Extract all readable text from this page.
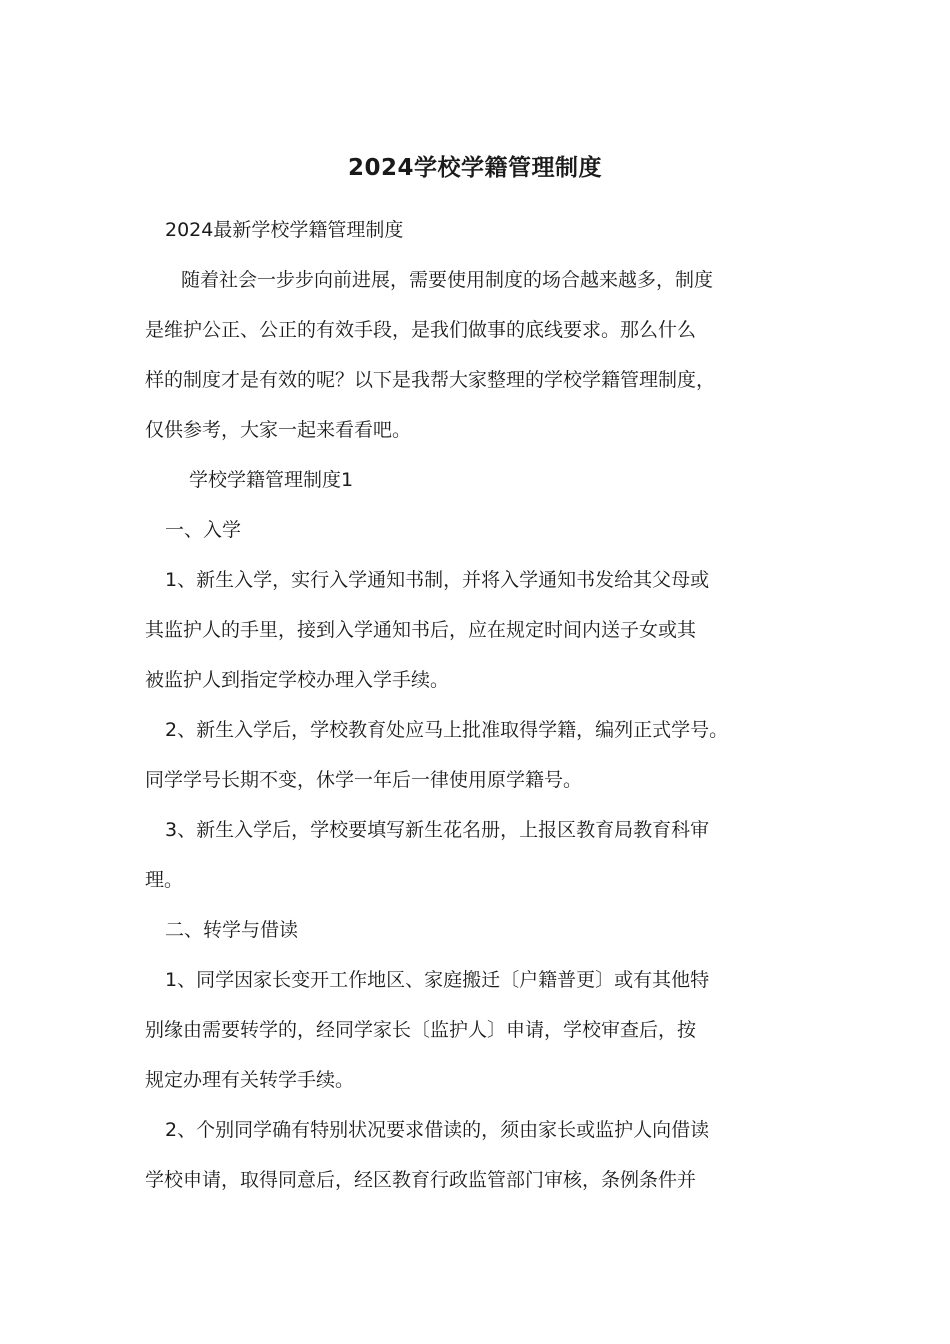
2024学校学籍管理制度

2024最新学校学籍管理制度

随着社会一步步向前进展，需要使用制度的场合越来越多，制度

是维护公正、公正的有效手段，是我们做事的底线要求。那么什么

样的制度才是有效的呢？以下是我帮大家整理的学校学籍管理制度，

仅供参考，大家一起来看看吧。

学校学籍管理制度1

一、入学

1、新生入学，实行入学通知书制，并将入学通知书发给其父母或

其监护人的手里，接到入学通知书后，应在规定时间内送子女或其

被监护人到指定学校办理入学手续。

2、新生入学后，学校教育处应马上批准取得学籍，编列正式学号。

同学学号长期不变，休学一年后一律使用原学籍号。

3、新生入学后，学校要填写新生花名册，上报区教育局教育科审

理。

二、转学与借读

1、同学因家长变开工作地区、家庭搬迁〔户籍普更〕或有其他特

别缘由需要转学的，经同学家长〔监护人〕申请，学校审查后，按

规定办理有关转学手续。

2、个别同学确有特别状况要求借读的，须由家长或监护人向借读

学校申请，取得同意后，经区教育行政监管部门审核，条例条件并
